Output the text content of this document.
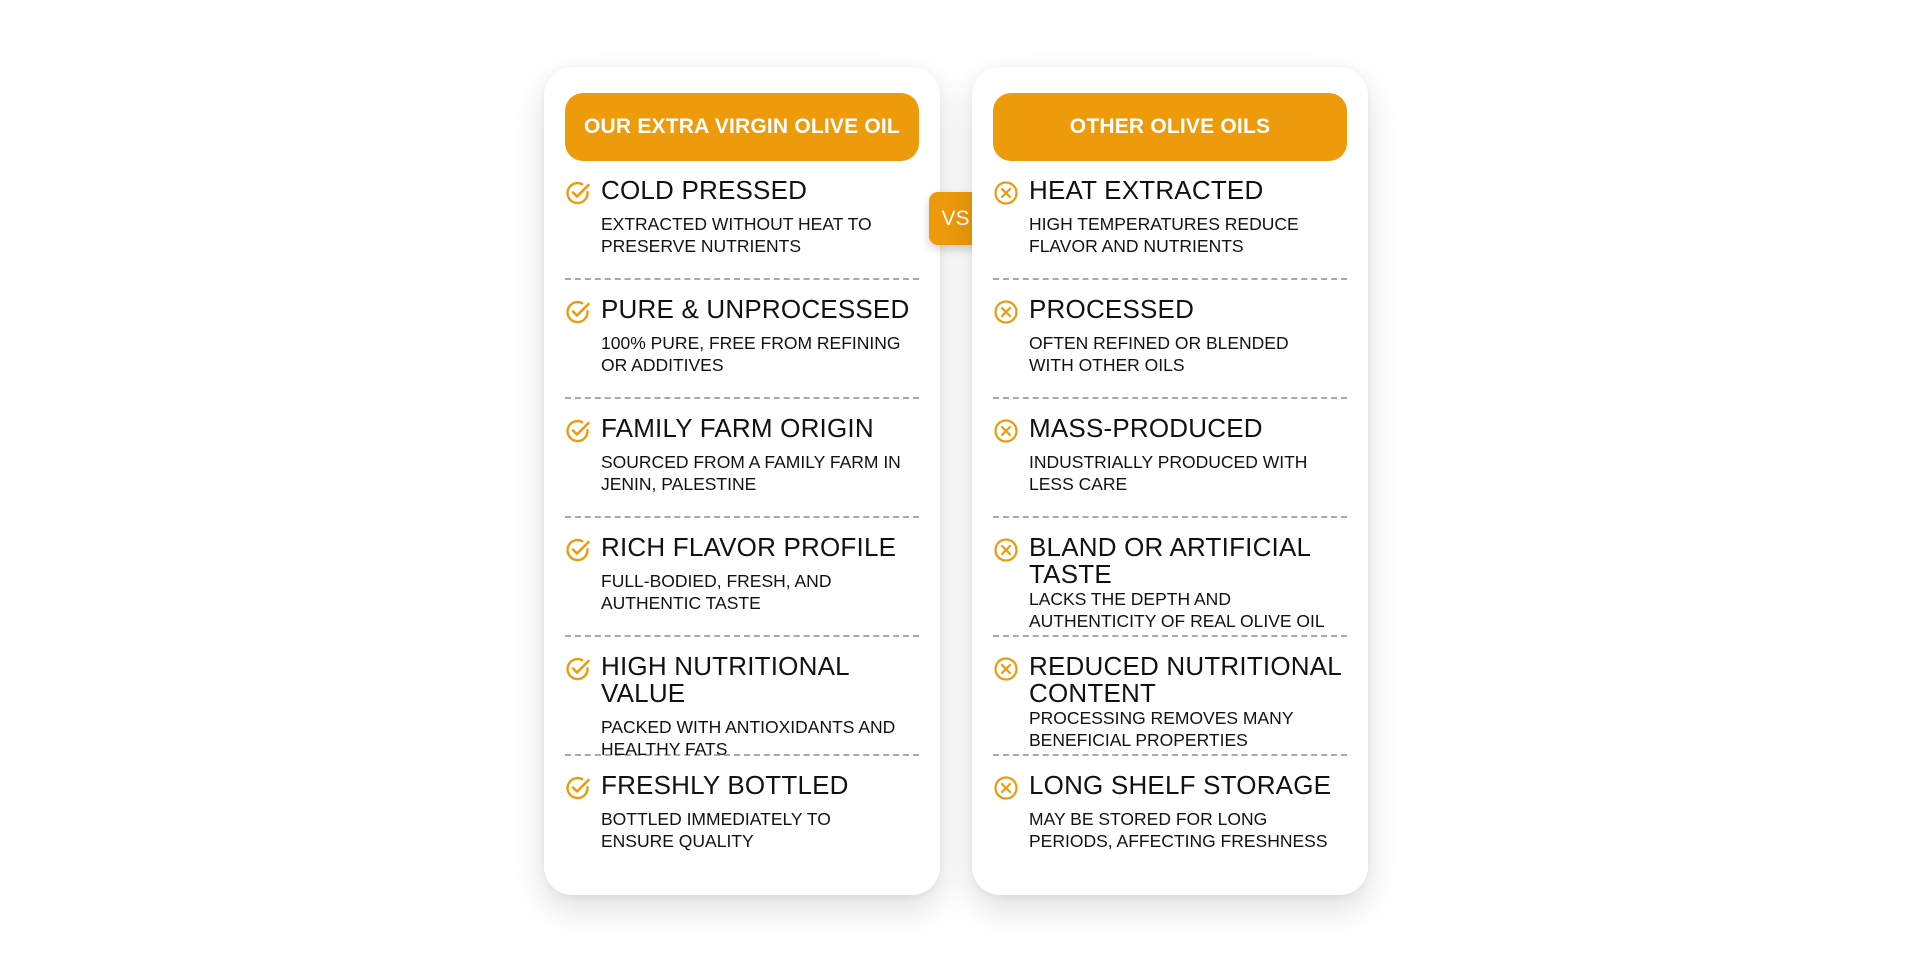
OUR EXTRA VIRGIN OLIVE OIL
COLD PRESSED
EXTRACTED WITHOUT HEAT TO PRESERVE NUTRIENTS
PURE & UNPROCESSED
100% PURE, FREE FROM REFINING OR ADDITIVES
FAMILY FARM ORIGIN
SOURCED FROM A FAMILY FARM IN JENIN, PALESTINE
RICH FLAVOR PROFILE
FULL-BODIED, FRESH, AND AUTHENTIC TASTE
HIGH NUTRITIONAL VALUE
PACKED WITH ANTIOXIDANTS AND HEALTHY FATS
FRESHLY BOTTLED
BOTTLED IMMEDIATELY TO ENSURE QUALITY
VS
OTHER OLIVE OILS
HEAT EXTRACTED
HIGH TEMPERATURES REDUCE FLAVOR AND NUTRIENTS
PROCESSED
OFTEN REFINED OR BLENDED WITH OTHER OILS
MASS-PRODUCED
INDUSTRIALLY PRODUCED WITH LESS CARE
BLAND OR ARTIFICIAL TASTE
LACKS THE DEPTH AND AUTHENTICITY OF REAL OLIVE OIL
REDUCED NUTRITIONAL CONTENT
PROCESSING REMOVES MANY BENEFICIAL PROPERTIES
LONG SHELF STORAGE
MAY BE STORED FOR LONG PERIODS, AFFECTING FRESHNESS
